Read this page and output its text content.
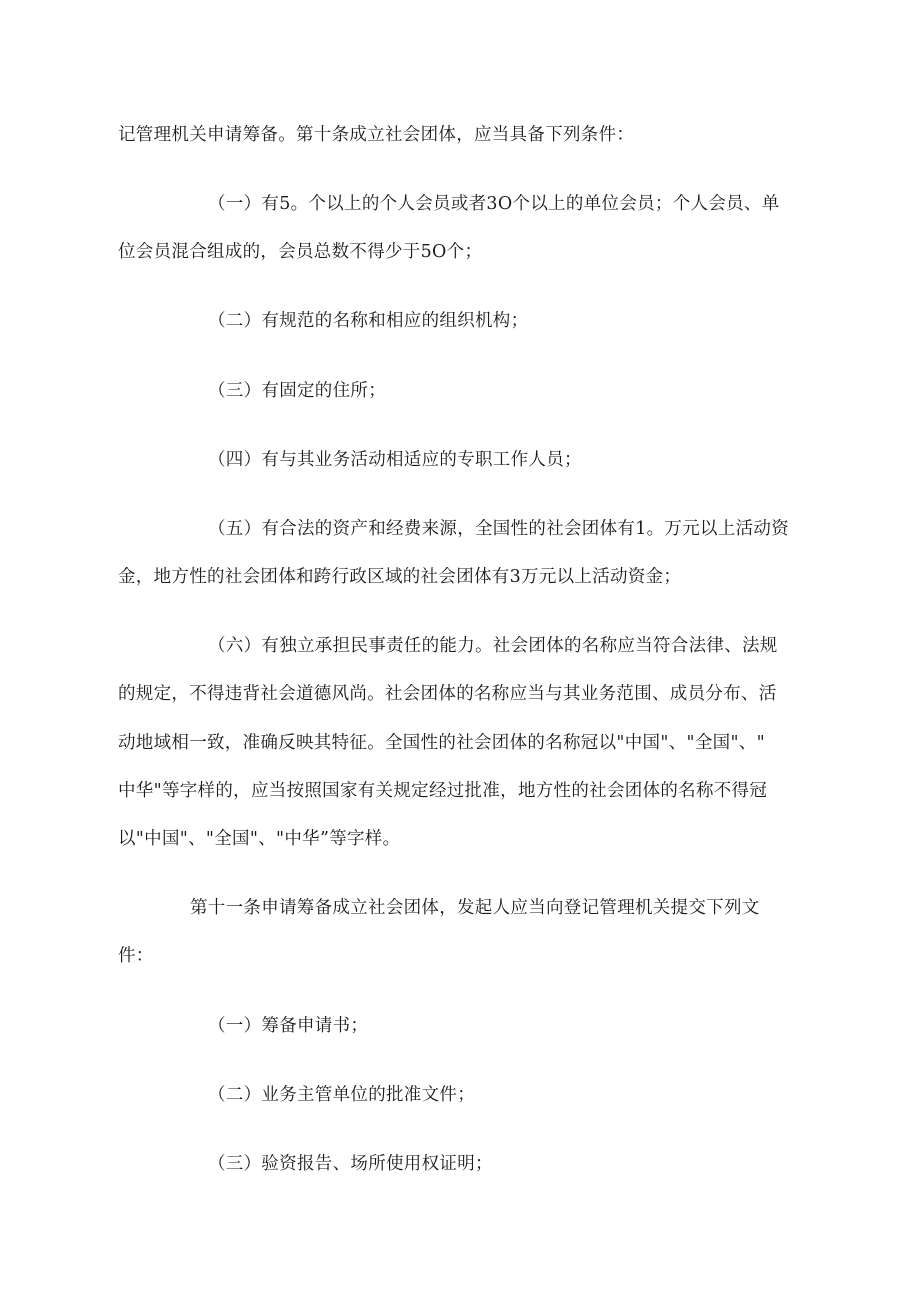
记管理机关申请筹备。第十条成立社会团体，应当具备下列条件：
（一）有5。个以上的个人会员或者3O个以上的单位会员；个人会员、单
位会员混合组成的，会员总数不得少于5O个；
（二）有规范的名称和相应的组织机构；
（三）有固定的住所；
（四）有与其业务活动相适应的专职工作人员；
（五）有合法的资产和经费来源，全国性的社会团体有1。万元以上活动资
金，地方性的社会团体和跨行政区域的社会团体有3万元以上活动资金；
（六）有独立承担民事责任的能力。社会团体的名称应当符合法律、法规
的规定，不得违背社会道德风尚。社会团体的名称应当与其业务范围、成员分布、活
动地域相一致，准确反映其特征。全国性的社会团体的名称冠以"中国"、"全国"、"
中华"等字样的，应当按照国家有关规定经过批准，地方性的社会团体的名称不得冠
以"中国"、"全国"、"中华”等字样。
第十一条申请筹备成立社会团体，发起人应当向登记管理机关提交下列文
件：
（一）筹备申请书；
（二）业务主管单位的批准文件；
（三）验资报告、场所使用权证明；
